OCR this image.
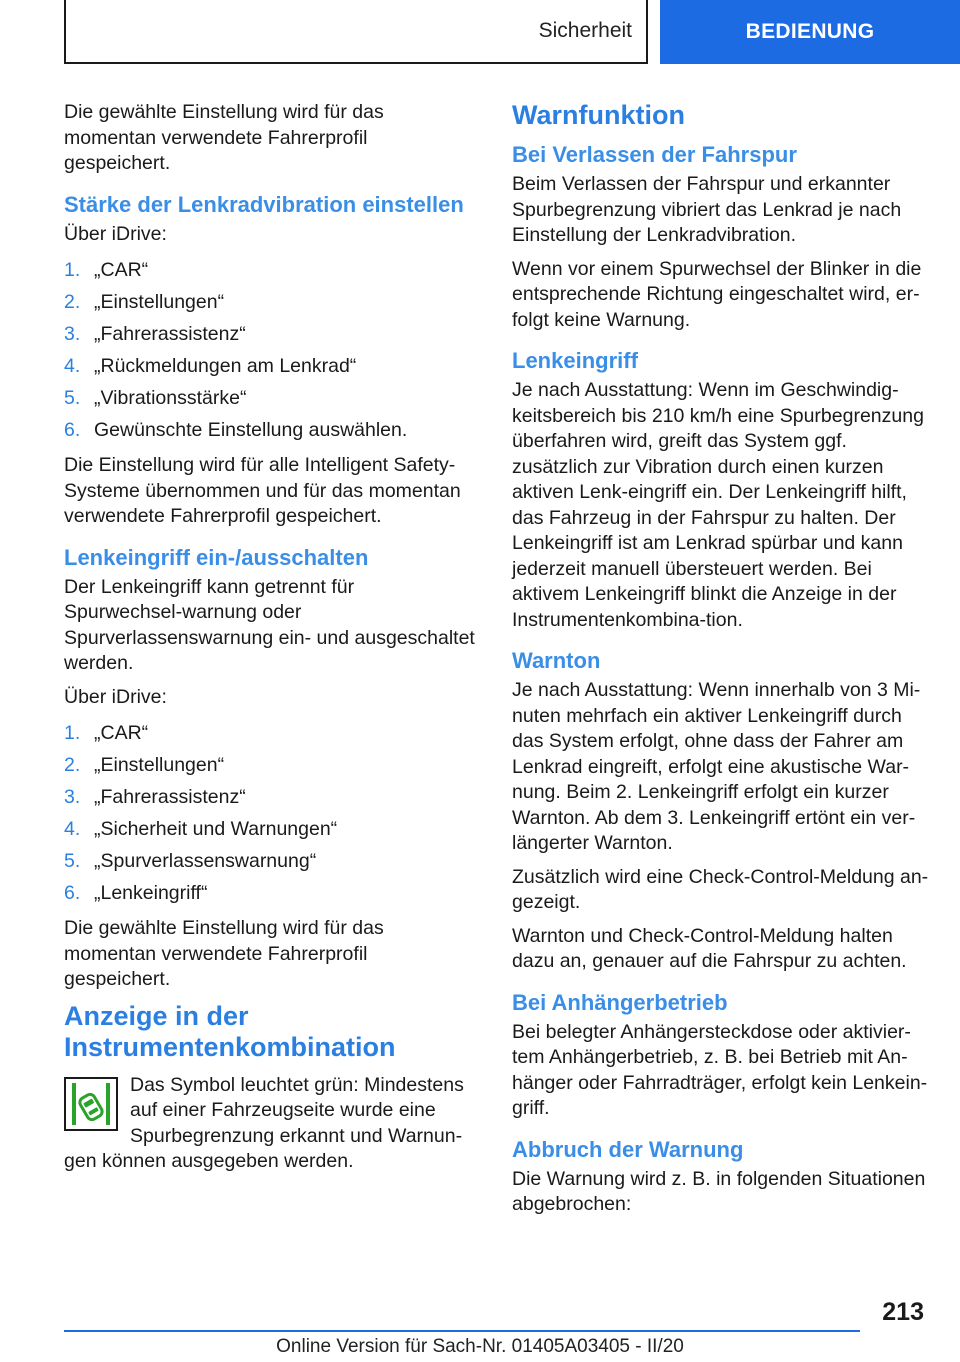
Sicherheit	BEDIENUNG

Die gewählte Einstellung wird für das momentan verwendete Fahrerprofil gespeichert.

Stärke der Lenkradvibration einstellen

Über iDrive:

1. „CAR“
2. „Einstellungen“
3. „Fahrerassistenz“
4. „Rückmeldungen am Lenkrad“
5. „Vibrationsstärke“
6. Gewünschte Einstellung auswählen.

Die Einstellung wird für alle Intelligent Safety-Systeme übernommen und für das momentan verwendete Fahrerprofil gespeichert.

Lenkeingriff ein-/ausschalten

Der Lenkeingriff kann getrennt für Spurwechsel-warnung oder Spurverlassenswarnung ein- und ausgeschaltet werden.

Über iDrive:

1. „CAR“
2. „Einstellungen“
3. „Fahrerassistenz“
4. „Sicherheit und Warnungen“
5. „Spurverlassenswarnung“
6. „Lenkeingriff“

Die gewählte Einstellung wird für das momentan verwendete Fahrerprofil gespeichert.

Anzeige in der Instrumentenkombination

Das Symbol leuchtet grün: Mindestens auf einer Fahrzeugseite wurde eine Spurbegrenzung erkannt und Warnun-gen können ausgegeben werden.

Warnfunktion
Bei Verlassen der Fahrspur

Beim Verlassen der Fahrspur und erkannter Spurbegrenzung vibriert das Lenkrad je nach Einstellung der Lenkradvibration.

Wenn vor einem Spurwechsel der Blinker in die entsprechende Richtung eingeschaltet wird, er-folgt keine Warnung.

Lenkeingriff

Je nach Ausstattung: Wenn im Geschwindig-keitsbereich bis 210 km/h eine Spurbegrenzung überfahren wird, greift das System ggf. zusätzlich zur Vibration durch einen kurzen aktiven Lenk-eingriff ein. Der Lenkeingriff hilft, das Fahrzeug in der Fahrspur zu halten. Der Lenkeingriff ist am Lenkrad spürbar und kann jederzeit manuell übersteuert werden. Bei aktivem Lenkeingriff blinkt die Anzeige in der Instrumentenkombina-tion.

Warnton

Je nach Ausstattung: Wenn innerhalb von 3 Mi-nuten mehrfach ein aktiver Lenkeingriff durch das System erfolgt, ohne dass der Fahrer am Lenkrad eingreift, erfolgt eine akustische War-nung. Beim 2. Lenkeingriff erfolgt ein kurzer Warnton. Ab dem 3. Lenkeingriff ertönt ein ver-längerter Warnton.

Zusätzlich wird eine Check-Control-Meldung an-gezeigt.

Warnton und Check-Control-Meldung halten dazu an, genauer auf die Fahrspur zu achten.

Bei Anhängerbetrieb

Bei belegter Anhängersteckdose oder aktivier-tem Anhängerbetrieb, z. B. bei Betrieb mit An-hänger oder Fahrradträger, erfolgt kein Lenkein-griff.

Abbruch der Warnung

Die Warnung wird z. B. in folgenden Situationen abgebrochen:

213
Online Version für Sach-Nr. 01405A03405 - II/20
